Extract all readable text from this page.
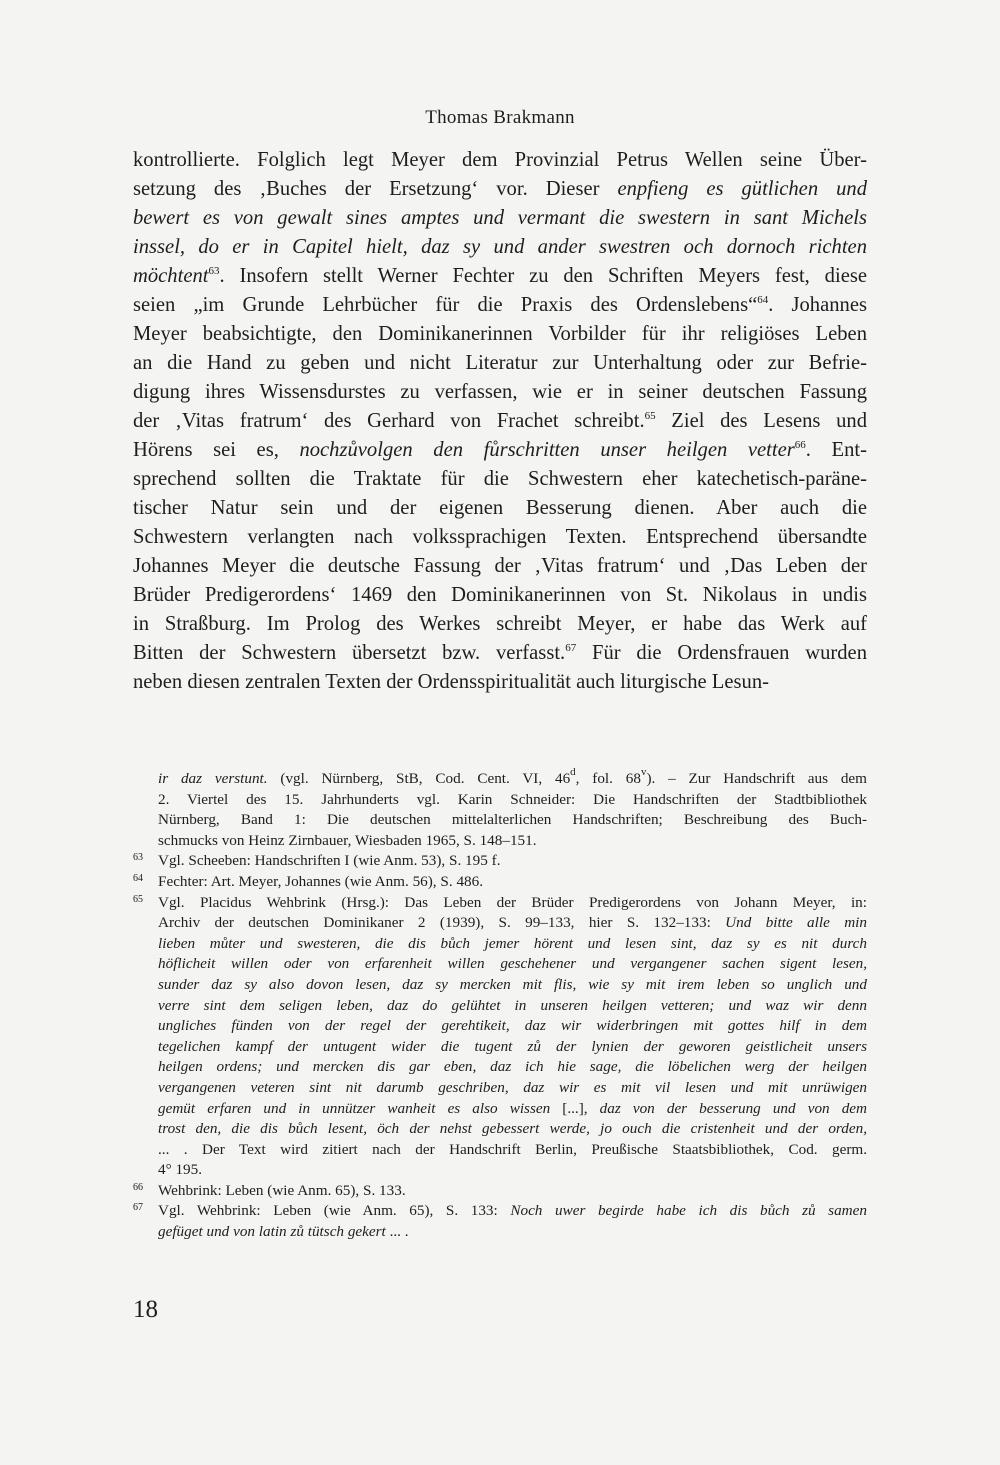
Thomas Brakmann
kontrollierte. Folglich legt Meyer dem Provinzial Petrus Wellen seine Über-
setzung des ‚Buches der Ersetzung‘ vor. Dieser enpfieng es gütlichen und
bewert es von gewalt sines amptes und vermant die swestern in sant Michels
inssel, do er in Capitel hielt, daz sy und ander swestren och dornoch richten
möchtent$^{63}$. Insofern stellt Werner Fechter zu den Schriften Meyers fest, diese
seien „im Grunde Lehrbücher für die Praxis des Ordenslebens“$^{64}$. Johannes
Meyer beabsichtigte, den Dominikanerinnen Vorbilder für ihr religiöses Leben
an die Hand zu geben und nicht Literatur zur Unterhaltung oder zur Befrie-
digung ihres Wissensdurstes zu verfassen, wie er in seiner deutschen Fassung
der ‚Vitas fratrum‘ des Gerhard von Frachet schreibt.$^{65}$ Ziel des Lesens und
Hörens sei es, nochzůvolgen den fůrschritten unser heilgen vetter$^{66}$. Ent-
sprechend sollten die Traktate für die Schwestern eher katechetisch-paräne-
tischer Natur sein und der eigenen Besserung dienen. Aber auch die
Schwestern verlangten nach volkssprachigen Texten. Entsprechend übersandte
Johannes Meyer die deutsche Fassung der ‚Vitas fratrum‘ und ‚Das Leben der
Brüder Predigerordens‘ 1469 den Dominikanerinnen von St. Nikolaus in undis
in Straßburg. Im Prolog des Werkes schreibt Meyer, er habe das Werk auf
Bitten der Schwestern übersetzt bzw. verfasst.$^{67}$ Für die Ordensfrauen wurden
neben diesen zentralen Texten der Ordensspiritualität auch liturgische Lesun-
ir daz verstunt. (vgl. Nürnberg, StB, Cod. Cent. VI, 46$^d$, fol. 68$^v$). – Zur Handschrift aus dem
2. Viertel des 15. Jahrhunderts vgl. Karin Schneider: Die Handschriften der Stadtbibliothek
Nürnberg, Band 1: Die deutschen mittelalterlichen Handschriften; Beschreibung des Buch-
schmucks von Heinz Zirnbauer, Wiesbaden 1965, S. 148–151.
63 Vgl. Scheeben: Handschriften I (wie Anm. 53), S. 195 f.
64 Fechter: Art. Meyer, Johannes (wie Anm. 56), S. 486.
65 Vgl. Placidus Wehbrink (Hrsg.): Das Leben der Brüder Predigerordens von Johann Meyer, in:
Archiv der deutschen Dominikaner 2 (1939), S. 99–133, hier S. 132–133: Und bitte alle min
lieben můter und swesteren, die dis bůch jemer hörent und lesen sint, daz sy es nit durch
höflicheit willen oder von erfarenheit willen geschehener und vergangener sachen sigent lesen,
sunder daz sy also dovon lesen, daz sy mercken mit flis, wie sy mit irem leben so unglich und
verre sint dem seligen leben, daz do gelühtet in unseren heilgen vetteren; und waz wir denn
ungliches fünden von der regel der gerehtikeit, daz wir widerbringen mit gottes hilf in dem
tegelichen kampf der untugent wider die tugent zů der lynien der geworen geistlicheit unsers
heilgen ordens; und mercken dis gar eben, daz ich hie sage, die löbelichen werg der heilgen
vergangenen veteren sint nit darumb geschriben, daz wir es mit vil lesen und mit unrüwigen
gemüt erfaren und in unnützer wanheit es also wissen [...], daz von der besserung und von dem
trost den, die dis bůch lesent, öch der nehst gebessert werde, jo ouch die cristenheit und der orden,
... . Der Text wird zitiert nach der Handschrift Berlin, Preußische Staatsbibliothek, Cod. germ.
4° 195.
66 Wehbrink: Leben (wie Anm. 65), S. 133.
67 Vgl. Wehbrink: Leben (wie Anm. 65), S. 133: Noch uwer begirde habe ich dis bůch zů samen
gefüget und von latin zů tütsch gekert ... .
18
